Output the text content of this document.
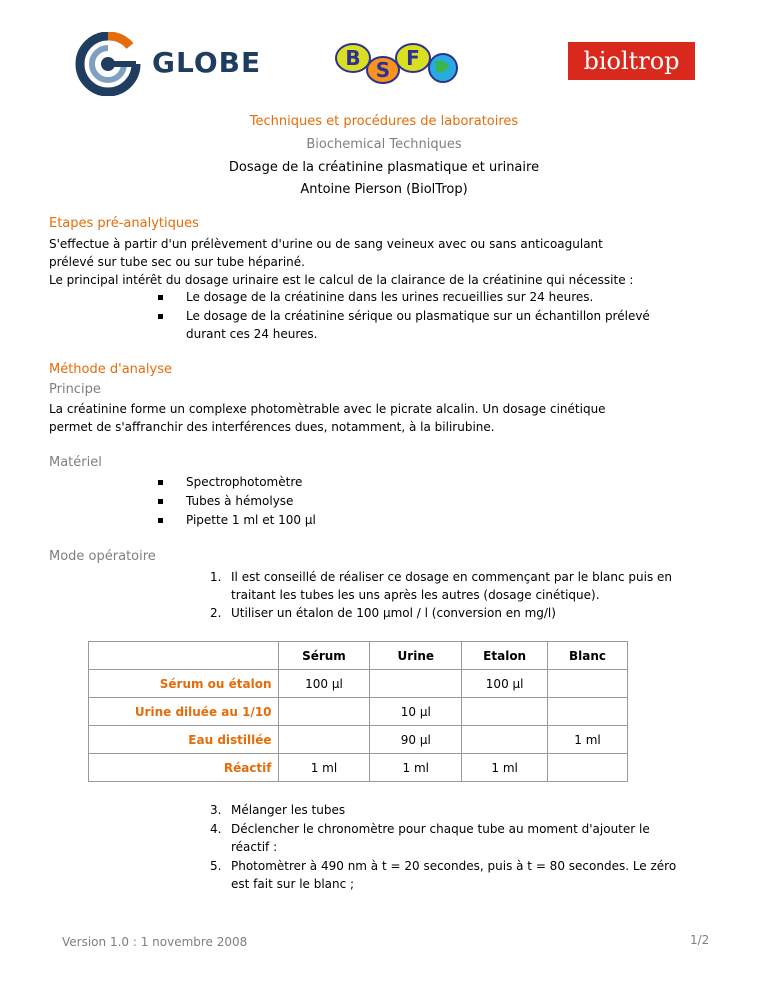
GLOBE	B S F	bioltrop
Techniques et procédures de laboratoires
Biochemical Techniques
Dosage de la créatinine plasmatique et urinaire
Antoine Pierson (BiolTrop)
Etapes pré-analytiques
S'effectue à partir d'un prélèvement d'urine ou de sang veineux avec ou sans anticoagulant
prélevé sur tube sec ou sur tube hépariné.
Le principal intérêt du dosage urinaire est le calcul de la clairance de la créatinine qui nécessite :
Le dosage de la créatinine dans les urines recueillies sur 24 heures.
Le dosage de la créatinine sérique ou plasmatique sur un échantillon prélevé
durant ces 24 heures.
Méthode d'analyse
Principe
La créatinine forme un complexe photomètrable avec le picrate alcalin. Un dosage cinétique
permet de s'affranchir des interférences dues, notamment, à la bilirubine.
Matériel
Spectrophotomètre
Tubes à hémolyse
Pipette 1 ml et 100 µl
Mode opératoire
1. Il est conseillé de réaliser ce dosage en commençant par le blanc puis en
traitant les tubes les uns après les autres (dosage cinétique).
2. Utiliser un étalon de 100 µmol / l (conversion en mg/l)
	Sérum	Urine	Etalon	Blanc
Sérum ou étalon	100 µl		100 µl	
Urine diluée au 1/10		10 µl		
Eau distillée		90 µl		1 ml
Réactif	1 ml	1 ml	1 ml	
3. Mélanger les tubes
4. Déclencher le chronomètre pour chaque tube au moment d'ajouter le
réactif :
5. Photomètrer à 490 nm à t = 20 secondes, puis à t = 80 secondes. Le zéro
est fait sur le blanc ;
Version 1.0 : 1 novembre 2008	1/2
